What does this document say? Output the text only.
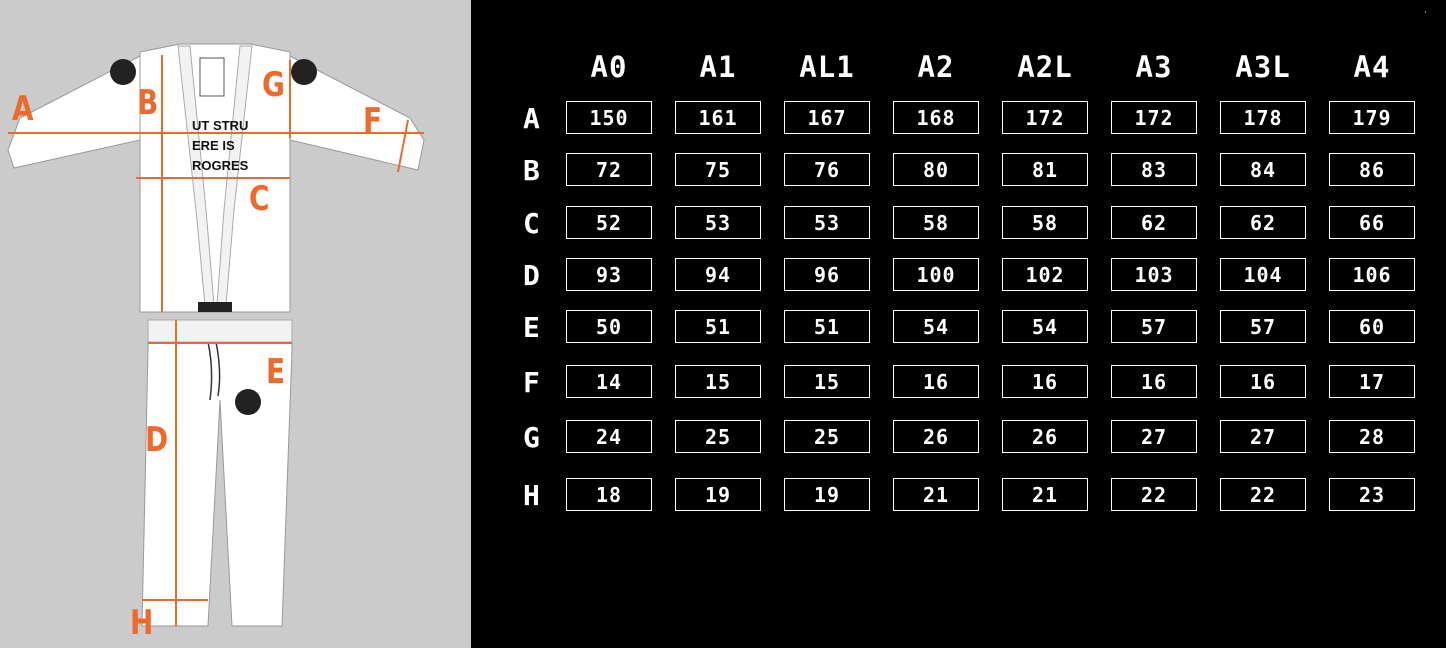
UT STRU
ERE IS
ROGRES
A	B
C
D
E
F
G
H
A0 A1 AL1 A2 A2L A3 A3L A4
A	150	161	167	168	172	172	178	179
B	72	75	76	80	81	83	84	86
C	52	53	53	58	58	62	62	66
D	93	94	96	100	102	103	104	106
E	50	51	51	54	54	57	57	60
F	14	15	15	16	16	16	16	17
G	24	25	25	26	26	27	27	28
H	18	19	19	21	21	22	22	23
·
